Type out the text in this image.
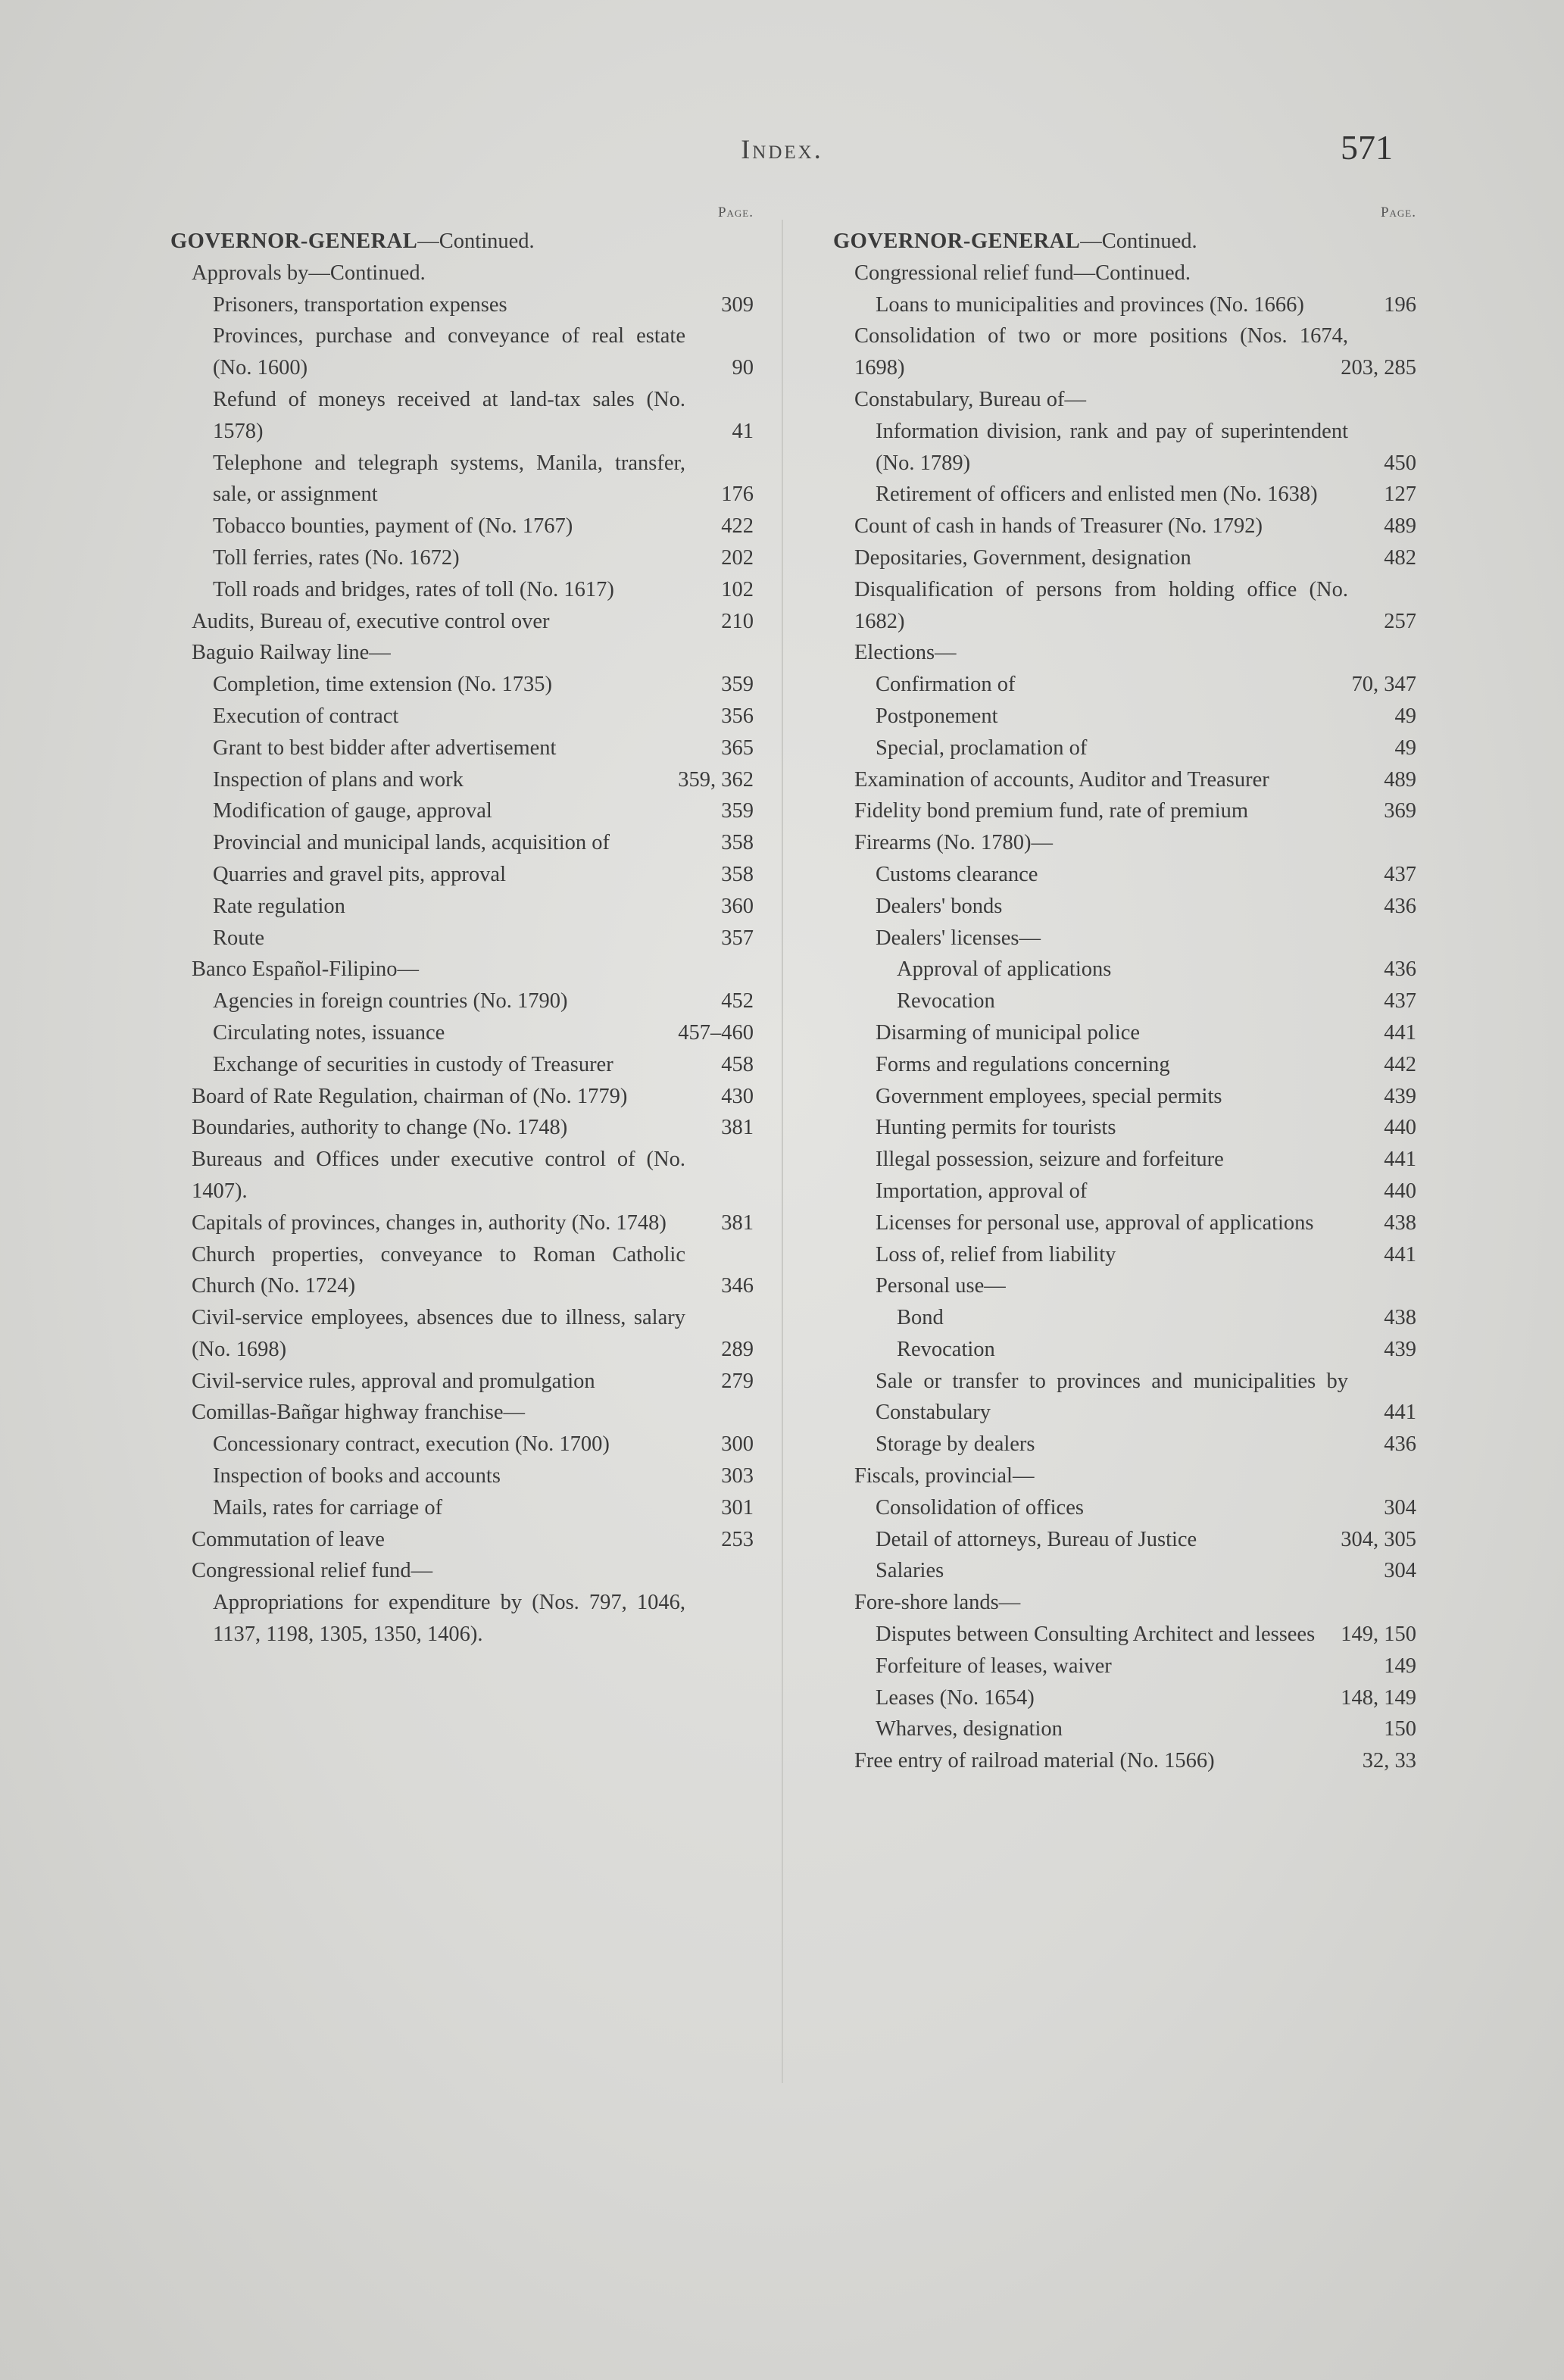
Index.	571
Page.
GOVERNOR-GENERAL—Continued.
Approvals by—Continued.
Prisoners, transportation expenses	309
Provinces, purchase and conveyance of real estate (No. 1600)	90
Refund of moneys received at land-tax sales (No. 1578)	41
Telephone and telegraph systems, Manila, transfer, sale, or assignment	176
Tobacco bounties, payment of (No. 1767)	422
Toll ferries, rates (No. 1672)	202
Toll roads and bridges, rates of toll (No. 1617)	102
Audits, Bureau of, executive control over	210
Baguio Railway line—
Completion, time extension (No. 1735)	359
Execution of contract	356
Grant to best bidder after advertisement	365
Inspection of plans and work	359, 362
Modification of gauge, approval	359
Provincial and municipal lands, acquisition of	358
Quarries and gravel pits, approval	358
Rate regulation	360
Route	357
Banco Español-Filipino—
Agencies in foreign countries (No. 1790)	452
Circulating notes, issuance	457–460
Exchange of securities in custody of Treasurer	458
Board of Rate Regulation, chairman of (No. 1779)	430
Boundaries, authority to change (No. 1748)	381
Bureaus and Offices under executive control of (No. 1407).
Capitals of provinces, changes in, authority (No. 1748)	381
Church properties, conveyance to Roman Catholic Church (No. 1724)	346
Civil-service employees, absences due to illness, salary (No. 1698)	289
Civil-service rules, approval and promulgation	279
Comillas-Bañgar highway franchise—
Concessionary contract, execution (No. 1700)	300
Inspection of books and accounts	303
Mails, rates for carriage of	301
Commutation of leave	253
Congressional relief fund—
Appropriations for expenditure by (Nos. 797, 1046, 1137, 1198, 1305, 1350, 1406).
Page.
GOVERNOR-GENERAL—Continued.
Congressional relief fund—Continued.
Loans to municipalities and provinces (No. 1666)	196
Consolidation of two or more positions (Nos. 1674, 1698)	203, 285
Constabulary, Bureau of—
Information division, rank and pay of superintendent (No. 1789)	450
Retirement of officers and enlisted men (No. 1638)	127
Count of cash in hands of Treasurer (No. 1792)	489
Depositaries, Government, designation	482
Disqualification of persons from holding office (No. 1682)	257
Elections—
Confirmation of	70, 347
Postponement	49
Special, proclamation of	49
Examination of accounts, Auditor and Treasurer	489
Fidelity bond premium fund, rate of premium	369
Firearms (No. 1780)—
Customs clearance	437
Dealers' bonds	436
Dealers' licenses—
Approval of applications	436
Revocation	437
Disarming of municipal police	441
Forms and regulations concerning	442
Government employees, special permits	439
Hunting permits for tourists	440
Illegal possession, seizure and forfeiture	441
Importation, approval of	440
Licenses for personal use, approval of applications	438
Loss of, relief from liability	441
Personal use—
Bond	438
Revocation	439
Sale or transfer to provinces and municipalities by Constabulary	441
Storage by dealers	436
Fiscals, provincial—
Consolidation of offices	304
Detail of attorneys, Bureau of Justice	304, 305
Salaries	304
Fore-shore lands—
Disputes between Consulting Architect and lessees 149, 150
Forfeiture of leases, waiver	149
Leases (No. 1654)	148, 149
Wharves, designation	150
Free entry of railroad material (No. 1566)	32, 33
